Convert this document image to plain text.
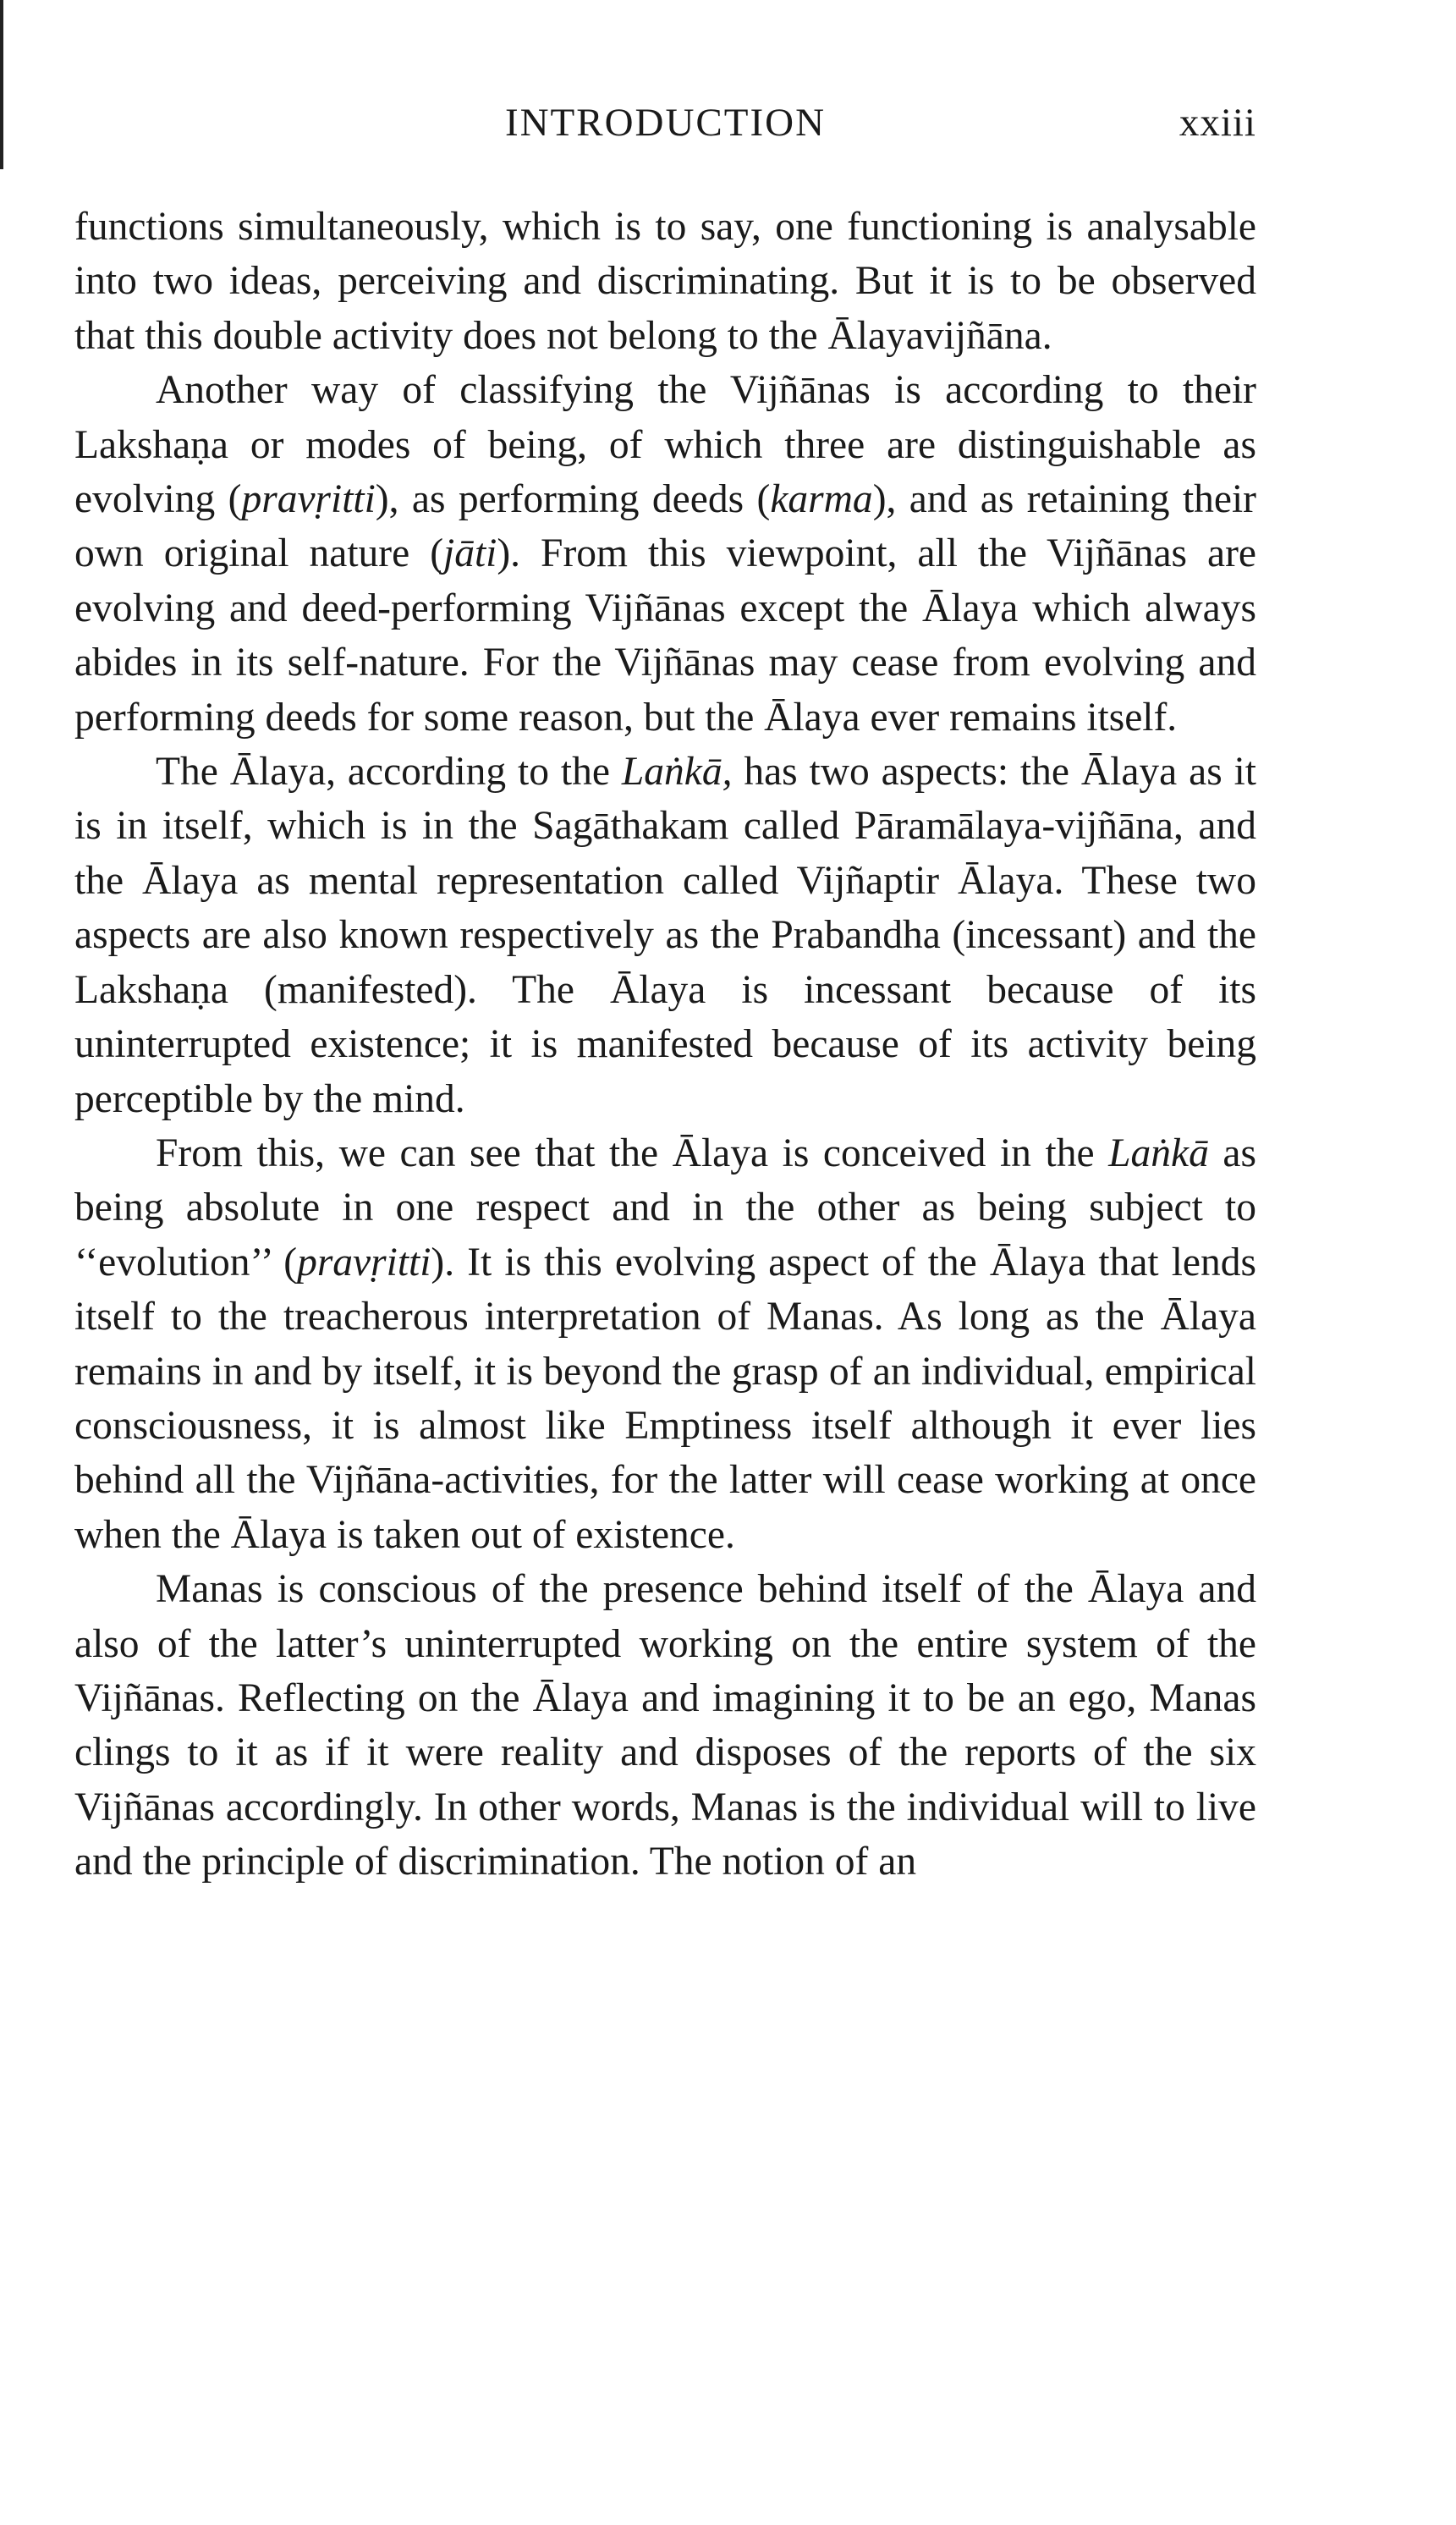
INTRODUCTION	xxiii

functions simultaneously, which is to say, one functioning is analysable into two ideas, perceiving and discriminating. But it is to be observed that this double activity does not belong to the Ālayavijñāna.

Another way of classifying the Vijñānas is according to their Lakshaṇa or modes of being, of which three are distinguishable as evolving (pravṛitti), as performing deeds (karma), and as retaining their own original nature (jāti). From this viewpoint, all the Vijñānas are evolving and deed-performing Vijñānas except the Ālaya which always abides in its self-nature. For the Vijñānas may cease from evolving and performing deeds for some reason, but the Ālaya ever remains itself.

The Ālaya, according to the Laṅkā, has two aspects: the Ālaya as it is in itself, which is in the Sagāthakam called Pāramālaya-vijñāna, and the Ālaya as mental representation called Vijñaptir Ālaya. These two aspects are also known respectively as the Prabandha (incessant) and the Lakshaṇa (manifested). The Ālaya is incessant because of its uninterrupted existence; it is manifested because of its activity being perceptible by the mind.

From this, we can see that the Ālaya is conceived in the Laṅkā as being absolute in one respect and in the other as being subject to ‘‘evolution’’ (pravṛitti). It is this evolving aspect of the Ālaya that lends itself to the treacherous interpretation of Manas. As long as the Ālaya remains in and by itself, it is beyond the grasp of an individual, empirical consciousness, it is almost like Emptiness itself although it ever lies behind all the Vijñāna-activities, for the latter will cease working at once when the Ālaya is taken out of existence.

Manas is conscious of the presence behind itself of the Ālaya and also of the latter’s uninterrupted working on the entire system of the Vijñānas. Reflecting on the Ālaya and imagining it to be an ego, Manas clings to it as if it were reality and disposes of the reports of the six Vijñānas accordingly. In other words, Manas is the individual will to live and the principle of discrimination. The notion of an
